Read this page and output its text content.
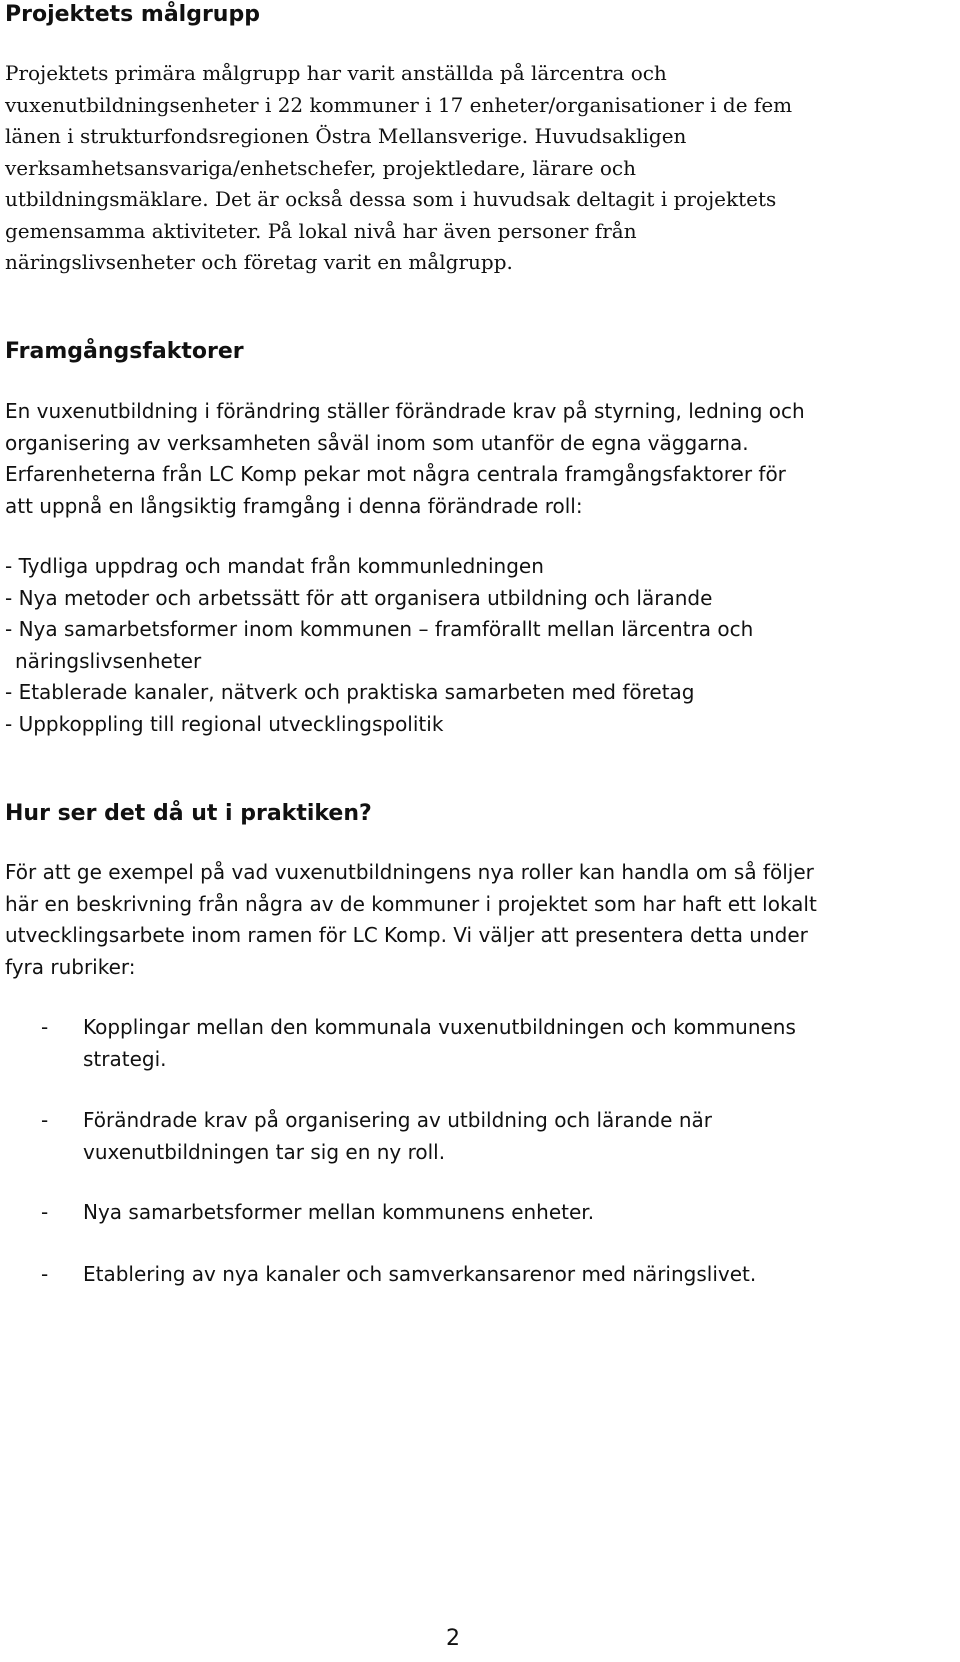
Projektets målgrupp
Projektets primära målgrupp har varit anställda på lärcentra och
vuxenutbildningsenheter i 22 kommuner i 17 enheter/organisationer i de fem
länen i strukturfondsregionen Östra Mellansverige. Huvudsakligen
verksamhetsansvariga/enhetschefer, projektledare, lärare och
utbildningsmäklare. Det är också dessa som i huvudsak deltagit i projektets
gemensamma aktiviteter. På lokal nivå har även personer från
näringslivsenheter och företag varit en målgrupp.
Framgångsfaktorer
En vuxenutbildning i förändring ställer förändrade krav på styrning, ledning och
organisering av verksamheten såväl inom som utanför de egna väggarna.
Erfarenheterna från LC Komp pekar mot några centrala framgångsfaktorer för
att uppnå en långsiktig framgång i denna förändrade roll:
- Tydliga uppdrag och mandat från kommunledningen
- Nya metoder och arbetssätt för att organisera utbildning och lärande
- Nya samarbetsformer inom kommunen – framförallt mellan lärcentra och
näringslivsenheter
- Etablerade kanaler, nätverk och praktiska samarbeten med företag
- Uppkoppling till regional utvecklingspolitik
Hur ser det då ut i praktiken?
För att ge exempel på vad vuxenutbildningens nya roller kan handla om så följer
här en beskrivning från några av de kommuner i projektet som har haft ett lokalt
utvecklingsarbete inom ramen för LC Komp. Vi väljer att presentera detta under
fyra rubriker:
- Kopplingar mellan den kommunala vuxenutbildningen och kommunens
strategi.
- Förändrade krav på organisering av utbildning och lärande när
vuxenutbildningen tar sig en ny roll.
- Nya samarbetsformer mellan kommunens enheter.
- Etablering av nya kanaler och samverkansarenor med näringslivet.
2
